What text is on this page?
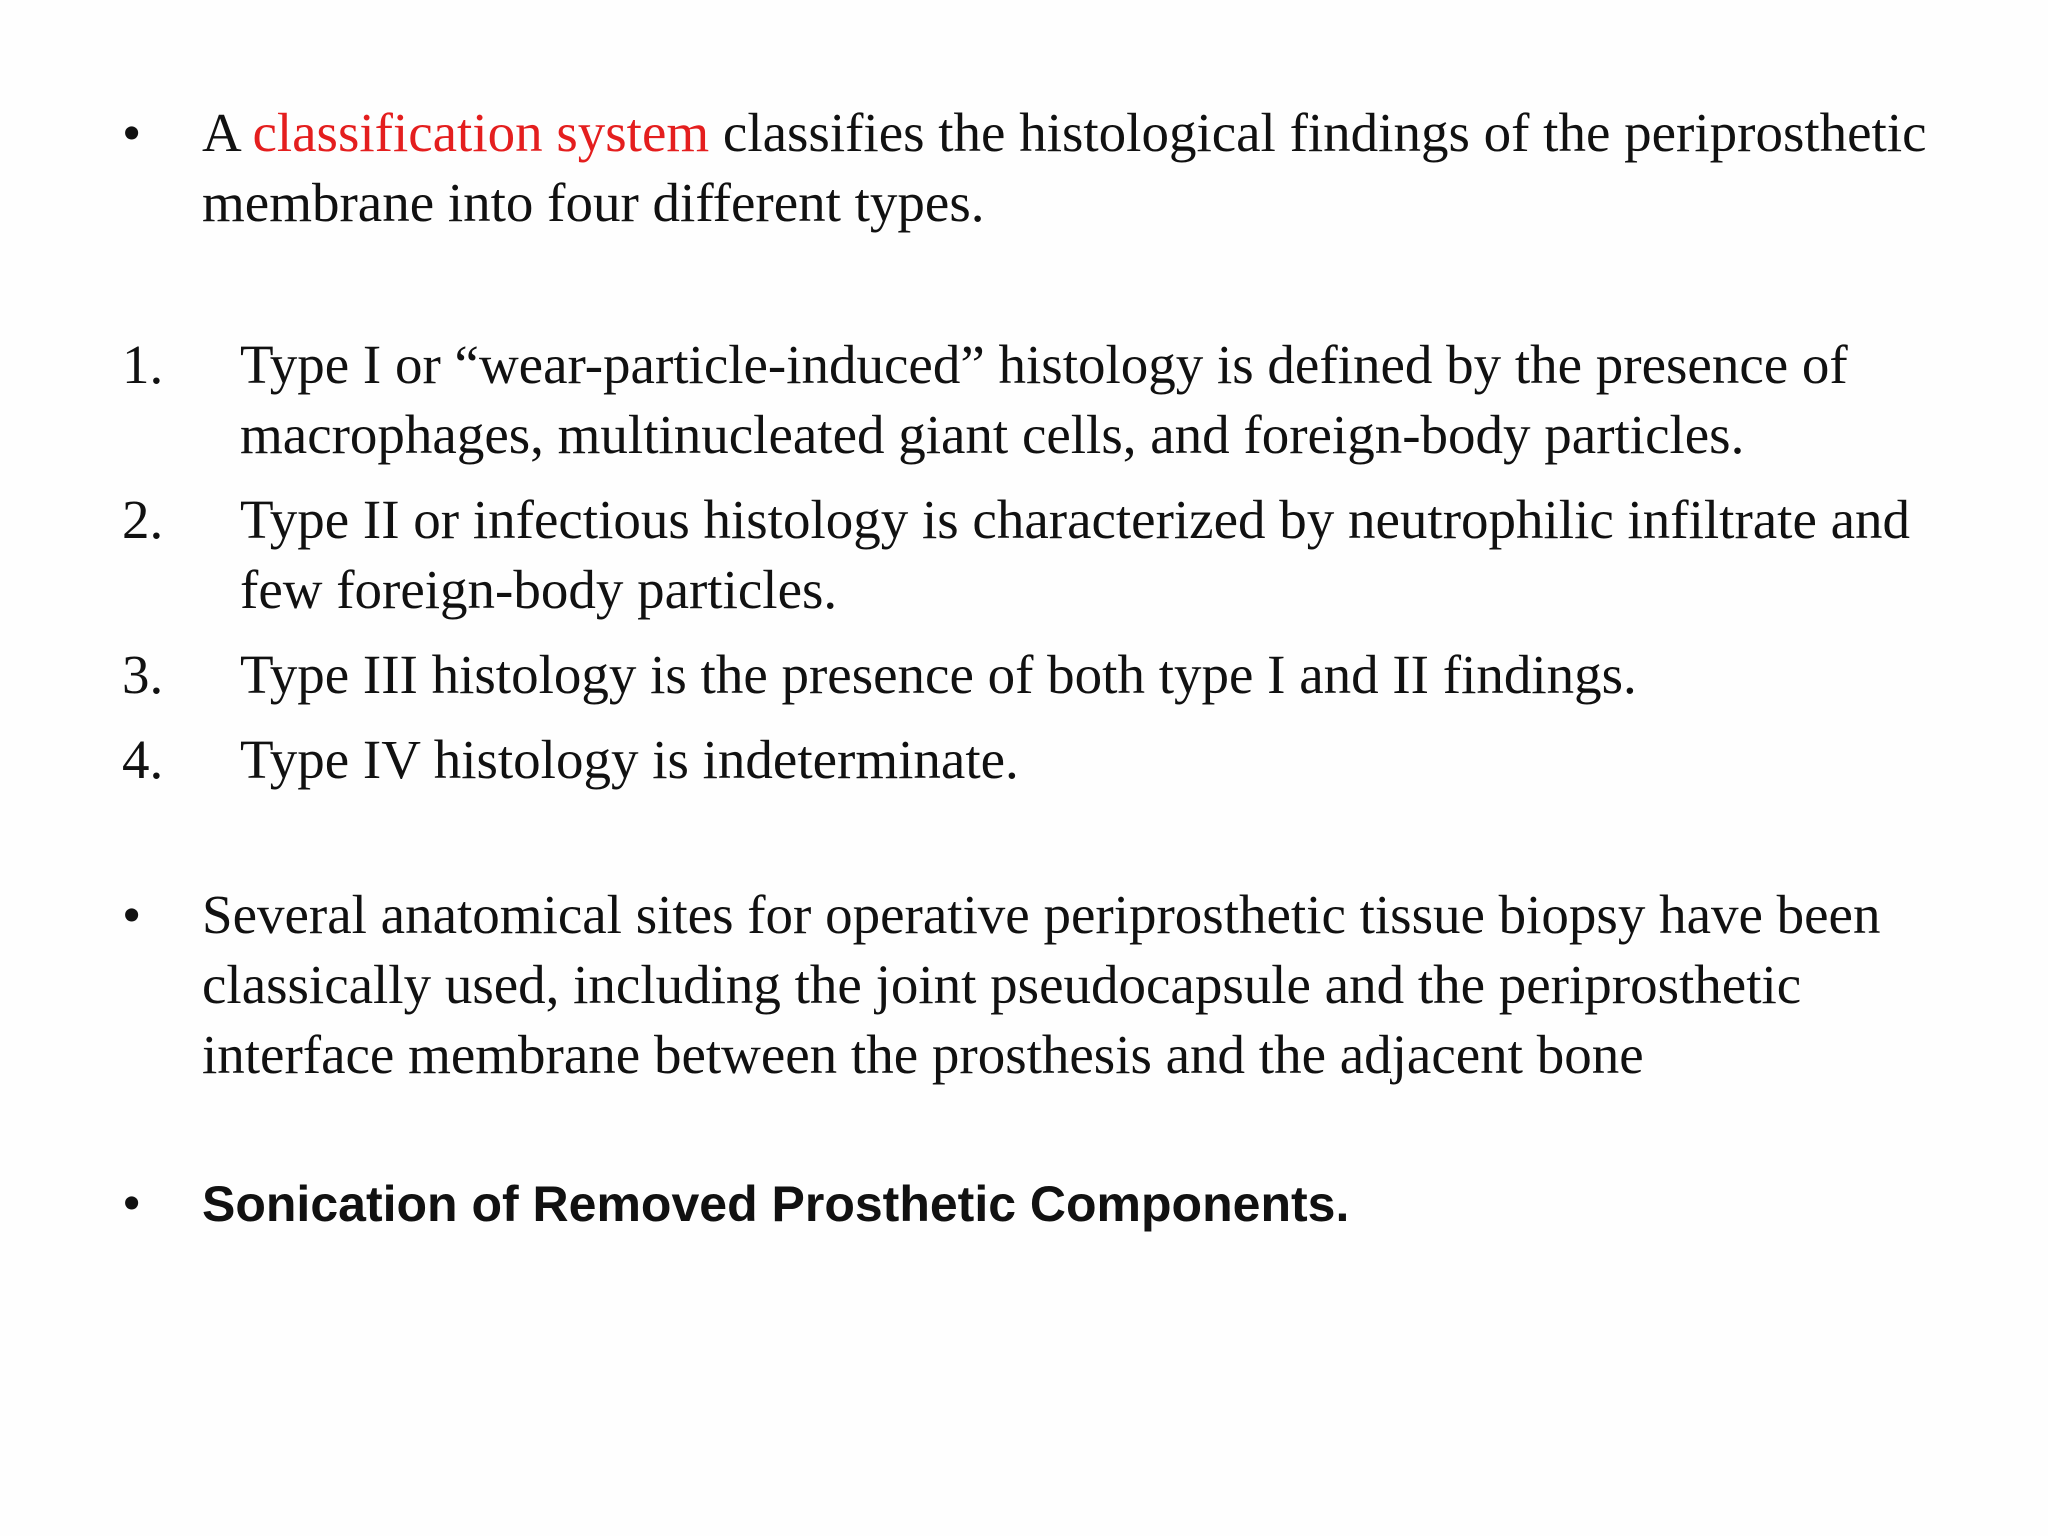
•	A classification system classifies the histological findings of the periprosthetic membrane into four different types.
1. Type I or “wear-particle-induced” histology is defined by the presence of macrophages, multinucleated giant cells, and foreign-body particles.
2. Type II or infectious histology is characterized by neutrophilic infiltrate and few foreign-body particles.
3. Type III histology is the presence of both type I and II findings.
4. Type IV histology is indeterminate.
•	Several anatomical sites for operative periprosthetic tissue biopsy have been classically used, including the joint pseudocapsule and the periprosthetic interface membrane between the prosthesis and the adjacent bone
•	Sonication of Removed Prosthetic Components.
